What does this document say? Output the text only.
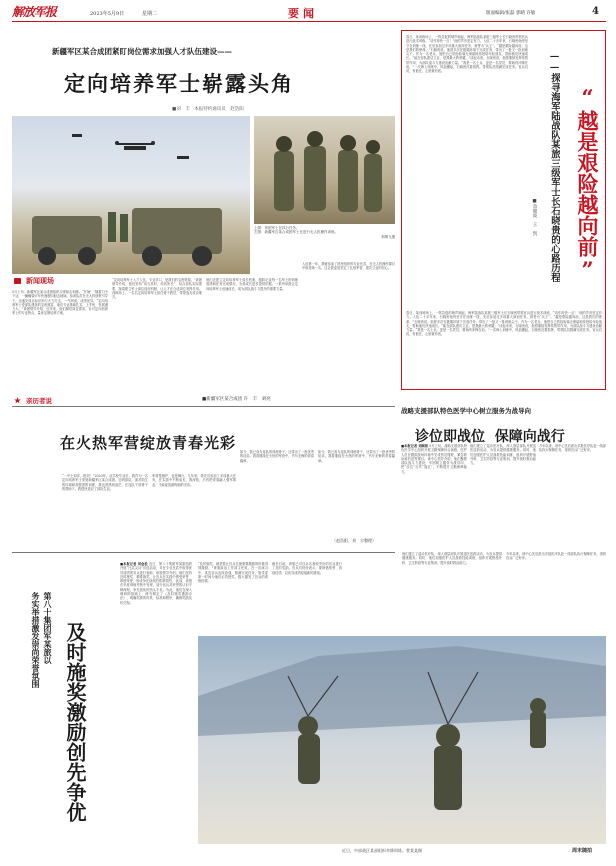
解放军报	2023年5月9日	星期二	要闻	版面编辑/张磊 郭晴 许敏	4
新疆军区某合成团紧盯岗位需求加强人才队伍建设——
定向培养军士崭露头角
■刘　丰　本报特约通讯员　赵浩阳
上图：该团军士在执行任务。
左图：新疆军区某合成团军士在进行无人机操作训练。
李腾飞摄
新闻现场
5月上旬，新疆军区某合成团组织实弹射击训练。“开始！”随着口令下达，一辆辆装甲车快速驶向射击地域。参训队员在无人机侦察引导下，迅速完成目标识别与火力打击，一气呵成，成绩优异。“定向培养军士是部队建设的宝贵财富，他们专业基础扎实，上手快，发展潜力大。”该团领导介绍，近年来，他们紧盯岗位需求，针对定向培养军士的专业特点，量身定制培养方案。
“定向培养军士入才入伍，专业对口，是我们的宝贵资源。”该团领导介绍，他们坚持“用当其时、用其所长”，结合部队实际需要，探索建立军士岗位选用机制，让人才在合适岗位发挥作用。训练场上，一名名定向培养军士担任骨干教员，带领战友攻克难关。
他们还建立定向培养军士成长档案，跟踪记录每一名军士的训练成绩和任务完成情况，为其成长进步提供依据。一系列举措让定向培养军士迅速成长，成为部队战斗力提升的重要力量。
入伍第一年，我就参加了团里组织的专业比武，在无人机操作课目中取得第一名。这让我更加坚定了扎根军营、建功立业的信心。
■新疆军区某合成团 许　丰　刘亮
亲历者说
在火热军营绽放青春光彩
“一中士刘洋，报到！”2020年，从学校毕业后，我作为一名定向培养军士来到新疆军区某合成团。初到部队，面对陌生的环境和高强度的训练，我也曾感到迷茫。在连队干部骨干的帮助下，我很快适应了部队生活。
军营是熔炉，也是舞台。几年来，我先后参加了多项重大任务，在实践中不断成长。我深知，只有把青春融入强军事业，才能绽放最绚丽的光彩。
如今，我已成为连队的训练骨干，还带出了一批优秀的徒弟。我将继续在火热的军营中，书写无悔的青春篇章。
如今，我已成为连队的训练骨干，还带出了一批优秀的徒弟。我将继续在火热的军营中，书写无悔的青春篇章。
（赵浩阳、刘　丰整理）
春日，某训练场上，一阵急促的哨声响起，海军陆战队某旅三级军士长石晓贵带领官兵进行战术训练。“动作再快一点！”他的声音坚定有力。入伍二十多年来，石晓贵始终坚守在训练一线，先后参加过多项重大演训任务，被誉为“兵王”。“越是艰险越向前，这是我们的使命。”石晓贵说。他曾多次在极端环境下完成任务，带出了一批又一批训练尖子。作为一名老兵，他把自己的经验毫无保留地传授给年轻战友，帮助他们快速成长。“能在部队建功立业，是我最大的荣耀。”谈起未来，石晓贵说，他将继续发挥传帮带作用，为部队战斗力建设贡献力量。“我是一名士兵，更是一名党员，要始终冲锋在前。”一次海上训练中，风浪骤起，石晓贵沉着指挥，带领队员圆满完成任务。官兵们说，有他在，心里就有底。
春日，某训练场上，一阵急促的哨声响起，海军陆战队某旅三级军士长石晓贵带领官兵进行战术训练。“动作再快一点！”他的声音坚定有力。入伍二十多年来，石晓贵始终坚守在训练一线，先后参加过多项重大演训任务，被誉为“兵王”。“越是艰险越向前，这是我们的使命。”石晓贵说。他曾多次在极端环境下完成任务，带出了一批又一批训练尖子。作为一名老兵，他把自己的经验毫无保留地传授给年轻战友，帮助他们快速成长。“能在部队建功立业，是我最大的荣耀。”谈起未来，石晓贵说，他将继续发挥传帮带作用，为部队战斗力建设贡献力量。“我是一名士兵，更是一名党员，要始终冲锋在前。”一次海上训练中，风浪骤起，石晓贵沉着指挥，带领队员圆满完成任务。官兵们说，有他在，心里就有底。
——探寻海军陆战队某旅三级军士长石晓贵的心路历程
■余晓波　王　凯	“越是艰险越向前”
战略支援部队特色医学中心树立服务为战导向
诊位即战位  保障向战行
■本报记者 刘顾裕 5月上旬，战略支援部队特色医学中心组织开展卫勤保障综合演练，医护人员在模拟战场环境中完成伤员搜救、紧急救治和后送等课目。该中心领导介绍，他们聚焦部队战斗力建设，牢固树立服务为战导向，把“诊位”当作“战位”，不断提升卫勤保障能力。
他们建立了巡诊医疗队，深入基层部队开展送医送药活动，为官兵提供健康服务。同时，他们加强医护人员战救技能训练，组织开展野战外科、卫生防疫等专业集训，提升战时救治能力。
今年以来，该中心先后派出多批医疗队赴一线部队执行保障任务，得到官兵广泛好评。
第八十集团军某旅以
务实举措激发崇尚荣誉氛围 及时施奖激励创先争优
■本报记者 刘金松 近日，第八十集团军某旅组织开展“比武尖兵”评选活动，对在专业比武中取得优异成绩的官兵进行表彰。该旅领导介绍，他们坚持及时施奖、精准施奖，让官兵在实践中感受荣誉、珍惜荣誉，形成争先创优的浓厚氛围。 此前，该旅在年度训练考核中发现，部分官兵对荣誉的认识不够深刻，争先创优的劲头不足。为此，他们在深入调研的基础上，研究制定了《及时施奖激励办法》，明确奖励的时机、标准和程序，确保奖励及时兑现。
“及时施奖，就是要让官兵在最需要激励的时候得到激励。”该旅政治工作部主任说。在一次演习中，某连官兵连续奋战，圆满完成任务，旅党委第一时间为他们记功授奖，极大激发了官兵的训练热情。
截至目前，该旅已对百余名表现突出的官兵进行了及时奖励。官兵们纷纷表示，要珍惜荣誉、再创佳绩，以优异成绩迎接新的挑战。
他们建立了巡诊医疗队，深入基层部队开展送医送药活动，为官兵提供健康服务。同时，他们加强医护人员战救技能训练，组织开展野战外科、卫生防疫等专业集训，提升战时救治能力。
今年以来，该中心先后派出多批医疗队赴一线部队执行保障任务，得到官兵广泛好评。
近日，中部战区某部组织伞降训练。曾某某摄	周末随拍
